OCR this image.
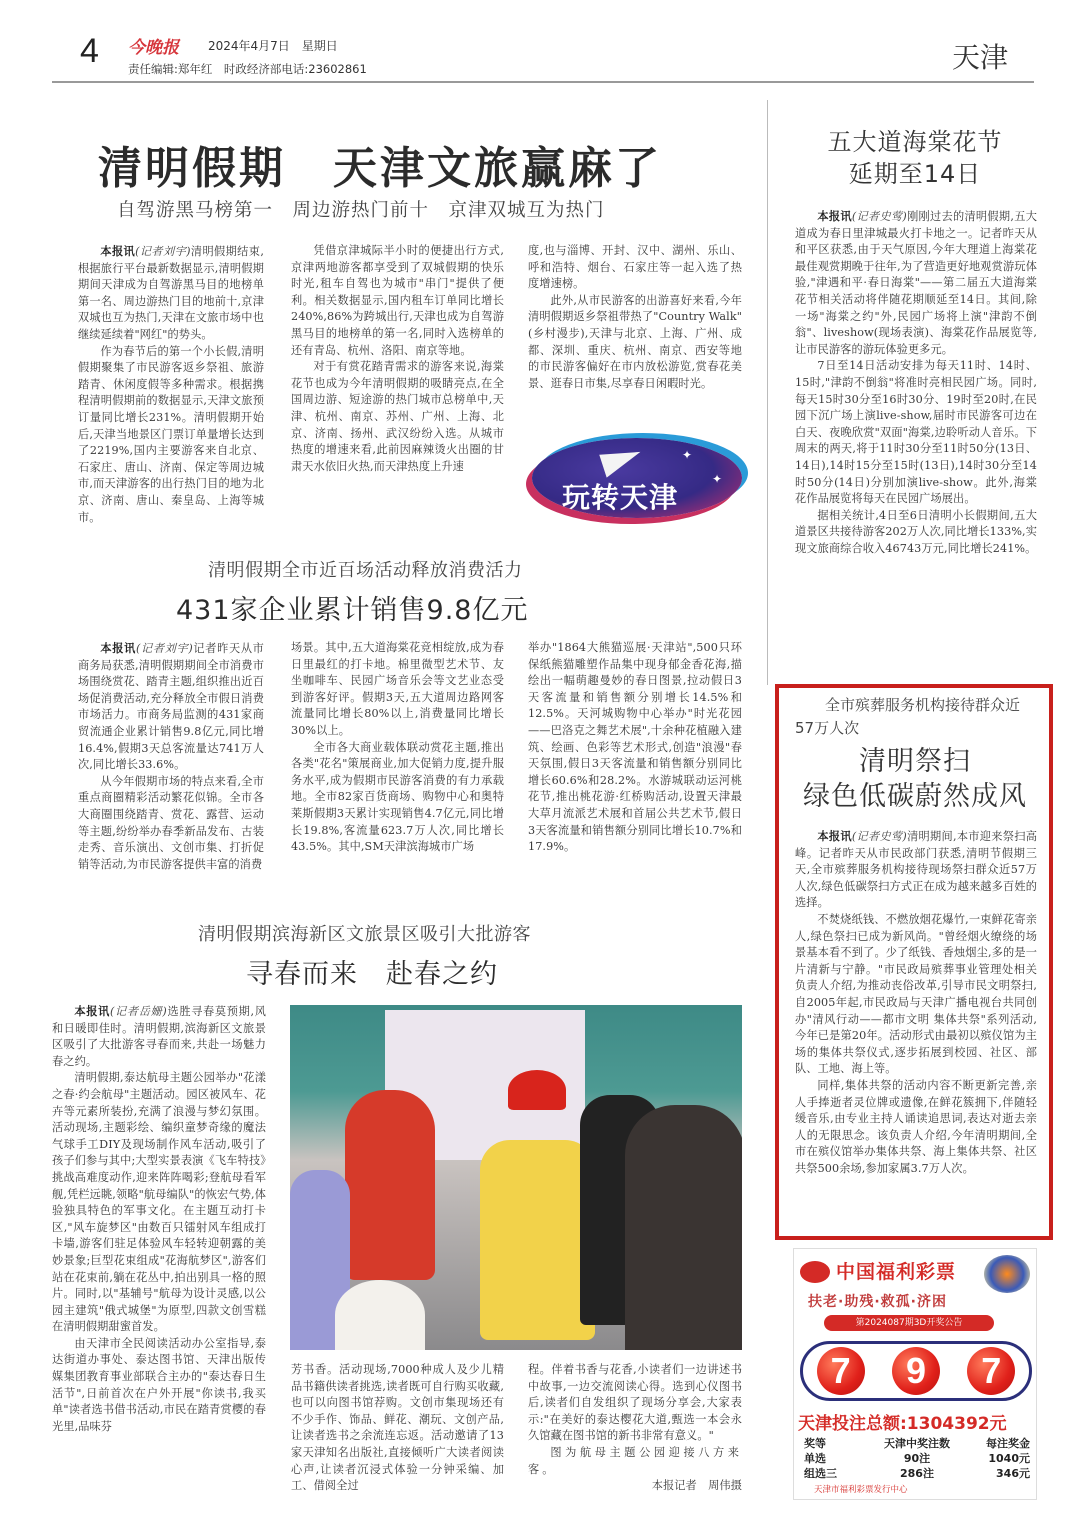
4 今晚报 2024年4月7日　星期日
责任编辑:郑年红　时政经济部电话:23602861	天津
清明假期　天津文旅赢麻了
自驾游黑马榜第一　周边游热门前十　京津双城互为热门

本报讯(记者刘宇)清明假期结束,根据旅行平台最新数据显示,清明假期期间天津成为自驾游黑马目的地榜单第一名、周边游热门目的地前十,京津双城也互为热门,天津在文旅市场中也继续延续着"网红"的势头。

作为春节后的第一个小长假,清明假期聚集了市民游客返乡祭祖、旅游踏青、休闲度假等多种需求。根据携程清明假期前的数据显示,天津文旅预订量同比增长231%。清明假期开始后,天津当地景区门票订单量增长达到了2219%,国内主要游客来自北京、石家庄、唐山、济南、保定等周边城市,而天津游客的出行热门目的地为北京、济南、唐山、秦皇岛、上海等城市。

凭借京津城际半小时的便捷出行方式,京津两地游客都享受到了双城假期的快乐时光,租车自驾也为城市"串门"提供了便利。相关数据显示,国内租车订单同比增长240%,86%为跨城出行,天津也成为自驾游黑马目的地榜单的第一名,同时入选榜单的还有青岛、杭州、洛阳、南京等地。

对于有赏花踏青需求的游客来说,海棠花节也成为今年清明假期的吸睛亮点,在全国周边游、短途游的热门城市总榜单中,天津、杭州、南京、苏州、广州、上海、北京、济南、扬州、武汉纷纷入选。从城市热度的增速来看,此前因麻辣烫火出圈的甘肃天水依旧火热,而天津热度上升速

度,也与淄博、开封、汉中、湖州、乐山、呼和浩特、烟台、石家庄等一起入选了热度增速榜。

此外,从市民游客的出游喜好来看,今年清明假期返乡祭祖带热了"Country Walk"(乡村漫步),天津与北京、上海、广州、成都、深圳、重庆、杭州、南京、西安等地的市民游客偏好在市内放松游览,赏春花美景、逛春日市集,尽享春日闲暇时光。

✦
✦
玩转天津
清明假期全市近百场活动释放消费活力
431家企业累计销售9.8亿元

本报讯(记者刘宇)记者昨天从市商务局获悉,清明假期期间全市消费市场围绕赏花、踏青主题,组织推出近百场促消费活动,充分释放全市假日消费市场活力。市商务局监测的431家商贸流通企业累计销售9.8亿元,同比增16.4%,假期3天总客流量达741万人次,同比增长33.6%。

从今年假期市场的特点来看,全市重点商圈精彩活动繁花似锦。全市各大商圈围绕踏青、赏花、露营、运动等主题,纷纷举办春季新品发布、古装走秀、音乐演出、文创市集、打折促销等活动,为市民游客提供丰富的消费

场景。其中,五大道海棠花竞相绽放,成为春日里最红的打卡地。棉里微型艺术节、友坐咖啡车、民园广场音乐会等文艺业态受到游客好评。假期3天,五大道周边路网客流量同比增长80%以上,消费量同比增长30%以上。

全市各大商业载体联动赏花主题,推出各类"花名"策展商业,加大促销力度,提升服务水平,成为假期市民游客消费的有力承载地。全市82家百货商场、购物中心和奥特莱斯假期3天累计实现销售4.7亿元,同比增长19.8%,客流量623.7万人次,同比增长43.5%。其中,SM天津滨海城市广场

举办"1864大熊猫巡展·天津站",500只环保纸熊猫雕塑作品集中现身郁金香花海,描绘出一幅萌趣曼妙的春日图景,拉动假日3天客流量和销售额分别增长14.5%和12.5%。天河城购物中心举办"时光花园——巴洛克之舞艺术展",十余种花植融入建筑、绘画、色彩等艺术形式,创造"浪漫"春天氛围,假日3天客流量和销售额分别同比增长60.6%和28.2%。水游城联动运河桃花节,推出桃花游·红桥购活动,设置天津最大草月流派艺术展和首届公共艺术节,假日3天客流量和销售额分别同比增长10.7%和17.9%。

清明假期滨海新区文旅景区吸引大批游客
寻春而来　赴春之约

本报讯(记者岳姗)选胜寻春莫预期,风和日暖即佳时。清明假期,滨海新区文旅景区吸引了大批游客寻春而来,共赴一场魅力春之约。

清明假期,泰达航母主题公园举办"花漾之春·约会航母"主题活动。园区被风车、花卉等元素所装扮,充满了浪漫与梦幻氛围。活动现场,主题彩绘、编织童梦奇缘的魔法气球手工DIY及现场制作风车活动,吸引了孩子们参与其中;大型实景表演《飞车特技》挑战高难度动作,迎来阵阵喝彩;登航母看军舰,凭栏远眺,领略"航母编队"的恢宏气势,体验独具特色的军事文化。在主题互动打卡区,"风车旋梦区"由数百只镭射风车组成打卡墙,游客们驻足体验风车轻转迎朝露的美妙景象;巨型花束组成"花海航梦区",游客们站在花束前,躺在花丛中,拍出别具一格的照片。同时,以"基辅号"航母为设计灵感,以公园主建筑"俄式城堡"为原型,四款文创雪糕在清明假期甜蜜首发。

由天津市全民阅读活动办公室指导,泰达街道办事处、泰达图书馆、天津出版传媒集团教育事业部联合主办的"泰达春日生活节",日前首次在户外开展"你读书,我买单"读者选书借书活动,市民在踏青赏樱的春光里,品味芬

芳书香。活动现场,7000种成人及少儿精品书籍供读者挑选,读者既可自行购买收藏,也可以向图书馆荐购。文创市集现场还有不少手作、饰品、鲜花、潮玩、文创产品,让读者选书之余流连忘返。活动邀请了13家天津知名出版社,直接倾听广大读者阅读心声,让读者沉浸式体验一分钟采编、加工、借阅全过

程。伴着书香与花香,小读者们一边讲述书中故事,一边交流阅读心得。选到心仪图书后,读者们自发组织了现场分享会,大家表示:"在美好的泰达樱花大道,甄选一本会永久馆藏在图书馆的新书非常有意义。"

图为航母主题公园迎接八方来客。

本报记者　周伟摄

五大道海棠花节
延期至14日

本报讯(记者史莺)刚刚过去的清明假期,五大道成为春日里津城最火打卡地之一。记者昨天从和平区获悉,由于天气原因,今年大理道上海棠花最佳观赏期晚于往年,为了营造更好地观赏游玩体验,"津遇和平·春日海棠"——第二届五大道海棠花节相关活动将伴随花期顺延至14日。其间,除一场"海棠之约"外,民园广场将上演"津韵不倒翁"、liveshow(现场表演)、海棠花作品展览等,让市民游客的游玩体验更多元。

7日至14日活动安排为每天11时、14时、15时,"津韵不倒翁"将准时亮相民园广场。同时,每天15时30分至16时30分、19时至20时,在民园下沉广场上演live-show,届时市民游客可边在白天、夜晚欣赏"双面"海棠,边聆听动人音乐。下周末的两天,将于11时30分至11时50分(13日、14日),14时15分至15时(13日),14时30分至14时50分(14日)分别加演live-show。此外,海棠花作品展览将每天在民园广场展出。

据相关统计,4日至6日清明小长假期间,五大道景区共接待游客202万人次,同比增长133%,实现文旅商综合收入46743万元,同比增长241%。

全市殡葬服务机构接待群众近57万人次
清明祭扫
绿色低碳蔚然成风

本报讯(记者史莺)清明期间,本市迎来祭扫高峰。记者昨天从市民政部门获悉,清明节假期三天,全市殡葬服务机构接待现场祭扫群众近57万人次,绿色低碳祭扫方式正在成为越来越多百姓的选择。

不焚烧纸钱、不燃放烟花爆竹,一束鲜花寄亲人,绿色祭扫已成为新风尚。"曾经烟火缭绕的场景基本看不到了。少了纸钱、香烛烟尘,多的是一片清新与宁静。"市民政局殡葬事业管理处相关负责人介绍,为推动丧俗改革,引导市民文明祭扫,自2005年起,市民政局与天津广播电视台共同创办"清风行动——都市文明 集体共祭"系列活动,今年已是第20年。活动形式由最初以殡仪馆为主场的集体共祭仪式,逐步拓展到校园、社区、部队、工地、海上等。

同样,集体共祭的活动内容不断更新完善,亲人手捧逝者灵位牌或遗像,在鲜花簇拥下,伴随轻缓音乐,由专业主持人诵读追思词,表达对逝去亲人的无限思念。该负责人介绍,今年清明期间,全市在殡仪馆举办集体共祭、海上集体共祭、社区共祭500余场,参加家属3.7万人次。

中国福利彩票
扶老·助残·救孤·济困
第2024087期3D开奖公告
7	9	7
天津投注总额:1304392元
奖等	天津中奖注数	每注奖金
单选	90注	1040元
组选三	286注	346元
天津市福利彩票发行中心
